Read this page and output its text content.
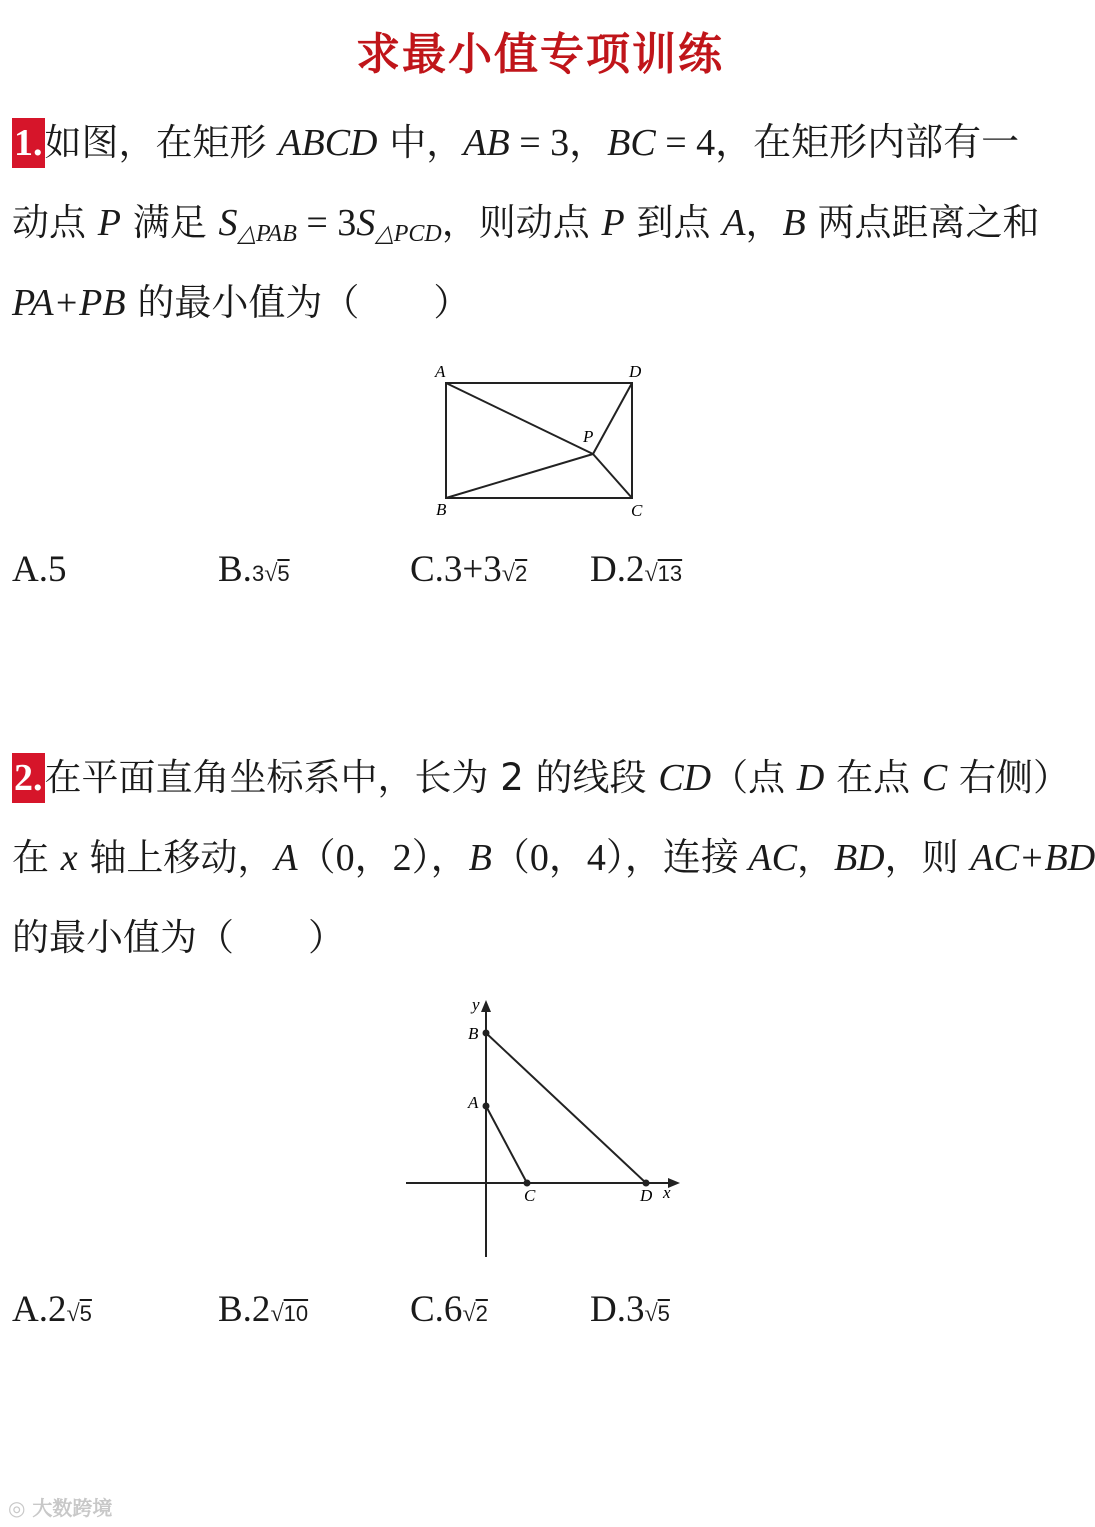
求最小值专项训练
1.如图，在矩形 ABCD 中，AB = 3，BC = 4，在矩形内部有一
动点 P 满足 $S_{\triangle PAB} = 3S_{\triangle PCD}$，则动点 P 到点 A，B 两点距离之和
PA+PB 的最小值为（　　）
A	D
B	C
P
A.5	B.3√5	C.3+3√2 D.2√13
2.在平面直角坐标系中，长为 2 的线段 CD（点 D 在点 C 右侧）
在 x 轴上移动，A（0，2），B（0，4），连接 AC，BD，则 AC+BD
的最小值为（　　）
y
B
A
C	D x
A.2√5	B.2√10	C.6√2	D.3√5
◎ 大数跨境
